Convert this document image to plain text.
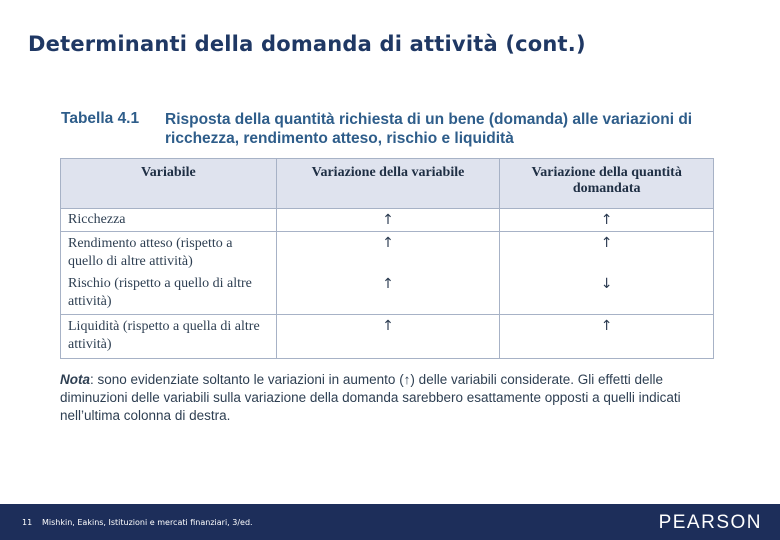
Determinanti della domanda di attività (cont.)
Tabella 4.1 Risposta della quantità richiesta di un bene (domanda) alle variazioni di ricchezza, rendimento atteso, rischio e liquidità
Variabile	Variazione della variabile	Variazione della quantità domandata
Ricchezza	↑	↑
Rendimento atteso (rispetto a quello di altre attività)	↑	↑
Rischio (rispetto a quello di altre attività)	↑	↓
Liquidità (rispetto a quella di altre attività)	↑	↑
Nota: sono evidenziate soltanto le variazioni in aumento (↑) delle variabili considerate. Gli effetti delle diminuzioni delle variabili sulla variazione della domanda sarebbero esattamente opposti a quelli indicati nell’ultima colonna di destra.
11 Mishkin, Eakins, Istituzioni e mercati finanziari, 3/ed.	PEARSON
